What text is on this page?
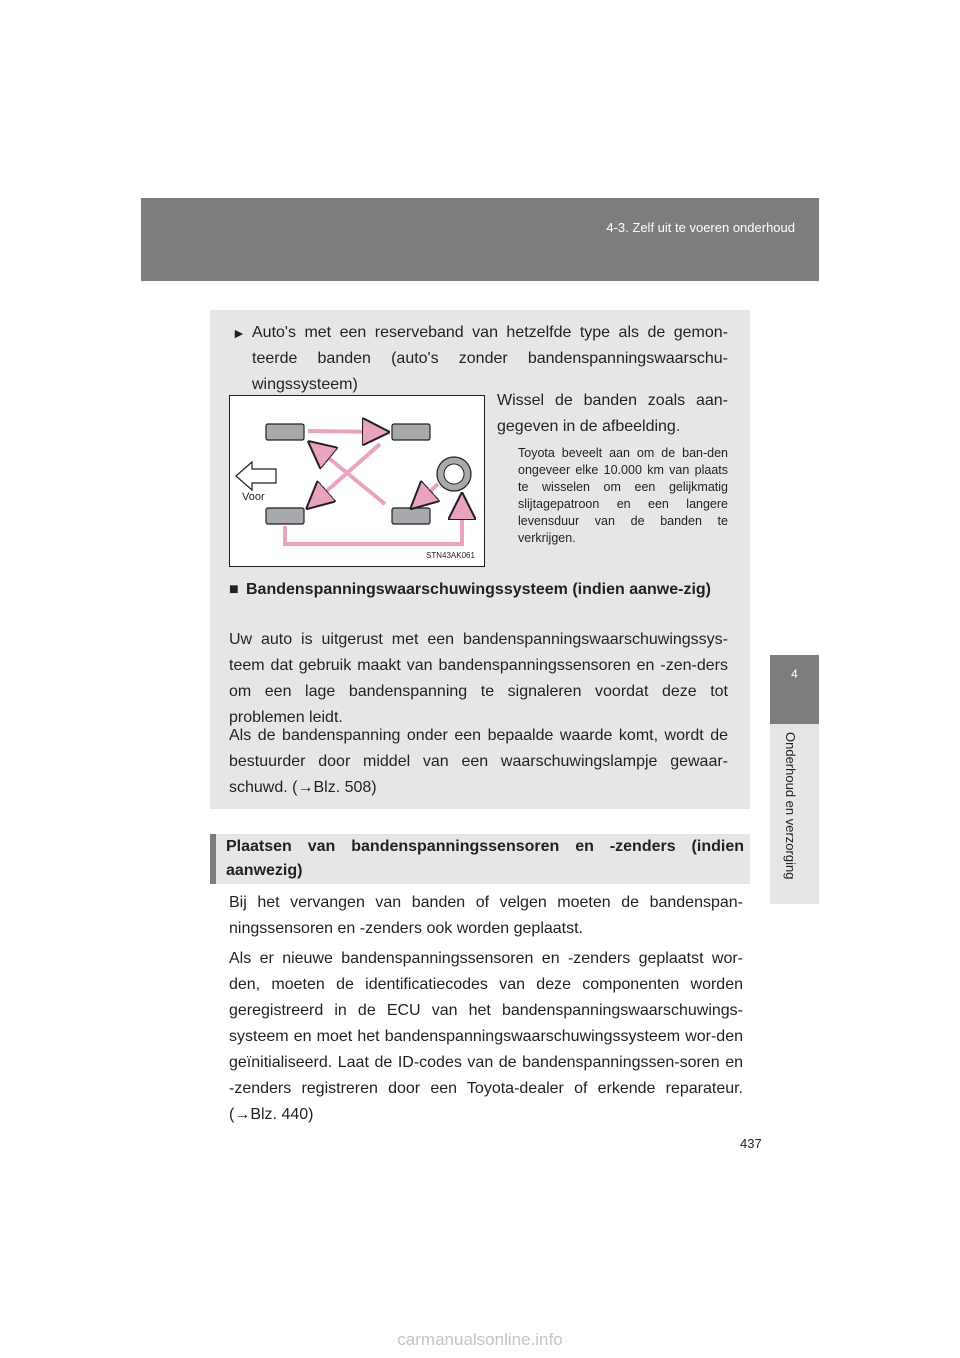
4-3. Zelf uit te voeren onderhoud
4
Onderhoud en verzorging
► Auto's met een reserveband van hetzelfde type als de gemon-teerde banden (auto's zonder bandenspanningswaarschu-wingssysteem)
Voor
STN43AK061
Wissel de banden zoals aan-gegeven in de afbeelding.
Toyota beveelt aan om de ban-den ongeveer elke 10.000 km van plaats te wisselen om een gelijkmatig slijtagepatroon en een langere levensduur van de banden te verkrijgen.
■ Bandenspanningswaarschuwingssysteem (indien aanwe-zig)
Uw auto is uitgerust met een bandenspanningswaarschuwingssys-teem dat gebruik maakt van bandenspanningssensoren en -zen-ders om een lage bandenspanning te signaleren voordat deze tot problemen leidt.
Als de bandenspanning onder een bepaalde waarde komt, wordt de bestuurder door middel van een waarschuwingslampje gewaar-schuwd. (→Blz. 508)
Plaatsen van bandenspanningssensoren en -zenders (indien aanwezig)
Bij het vervangen van banden of velgen moeten de bandenspan-ningssensoren en -zenders ook worden geplaatst.
Als er nieuwe bandenspanningssensoren en -zenders geplaatst wor-den, moeten de identificatiecodes van deze componenten worden geregistreerd in de ECU van het bandenspanningswaarschuwings-systeem en moet het bandenspanningswaarschuwingssysteem wor-den geïnitialiseerd. Laat de ID-codes van de bandenspanningssen-soren en -zenders registreren door een Toyota-dealer of erkende reparateur. (→Blz. 440)
437
carmanualsonline.info
